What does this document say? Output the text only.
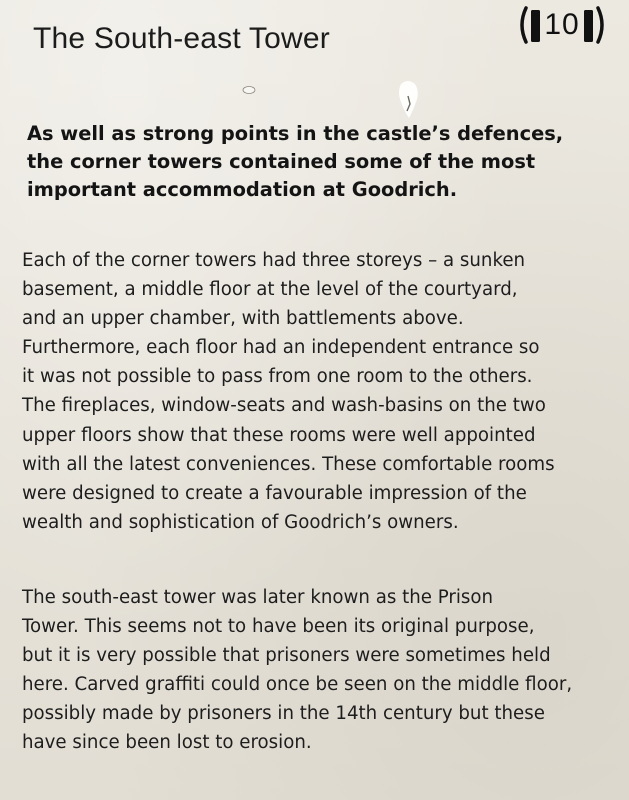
The South-east Tower	10

As well as strong points in the castle’s defences,
the corner towers contained some of the most
important accommodation at Goodrich.

Each of the corner towers had three storeys – a sunken
basement, a middle floor at the level of the courtyard,
and an upper chamber, with battlements above.
Furthermore, each floor had an independent entrance so
it was not possible to pass from one room to the others.
The fireplaces, window-seats and wash-basins on the two
upper floors show that these rooms were well appointed
with all the latest conveniences. These comfortable rooms
were designed to create a favourable impression of the
wealth and sophistication of Goodrich’s owners.

The south-east tower was later known as the Prison
Tower. This seems not to have been its original purpose,
but it is very possible that prisoners were sometimes held
here. Carved graffiti could once be seen on the middle floor,
possibly made by prisoners in the 14th century but these
have since been lost to erosion.
